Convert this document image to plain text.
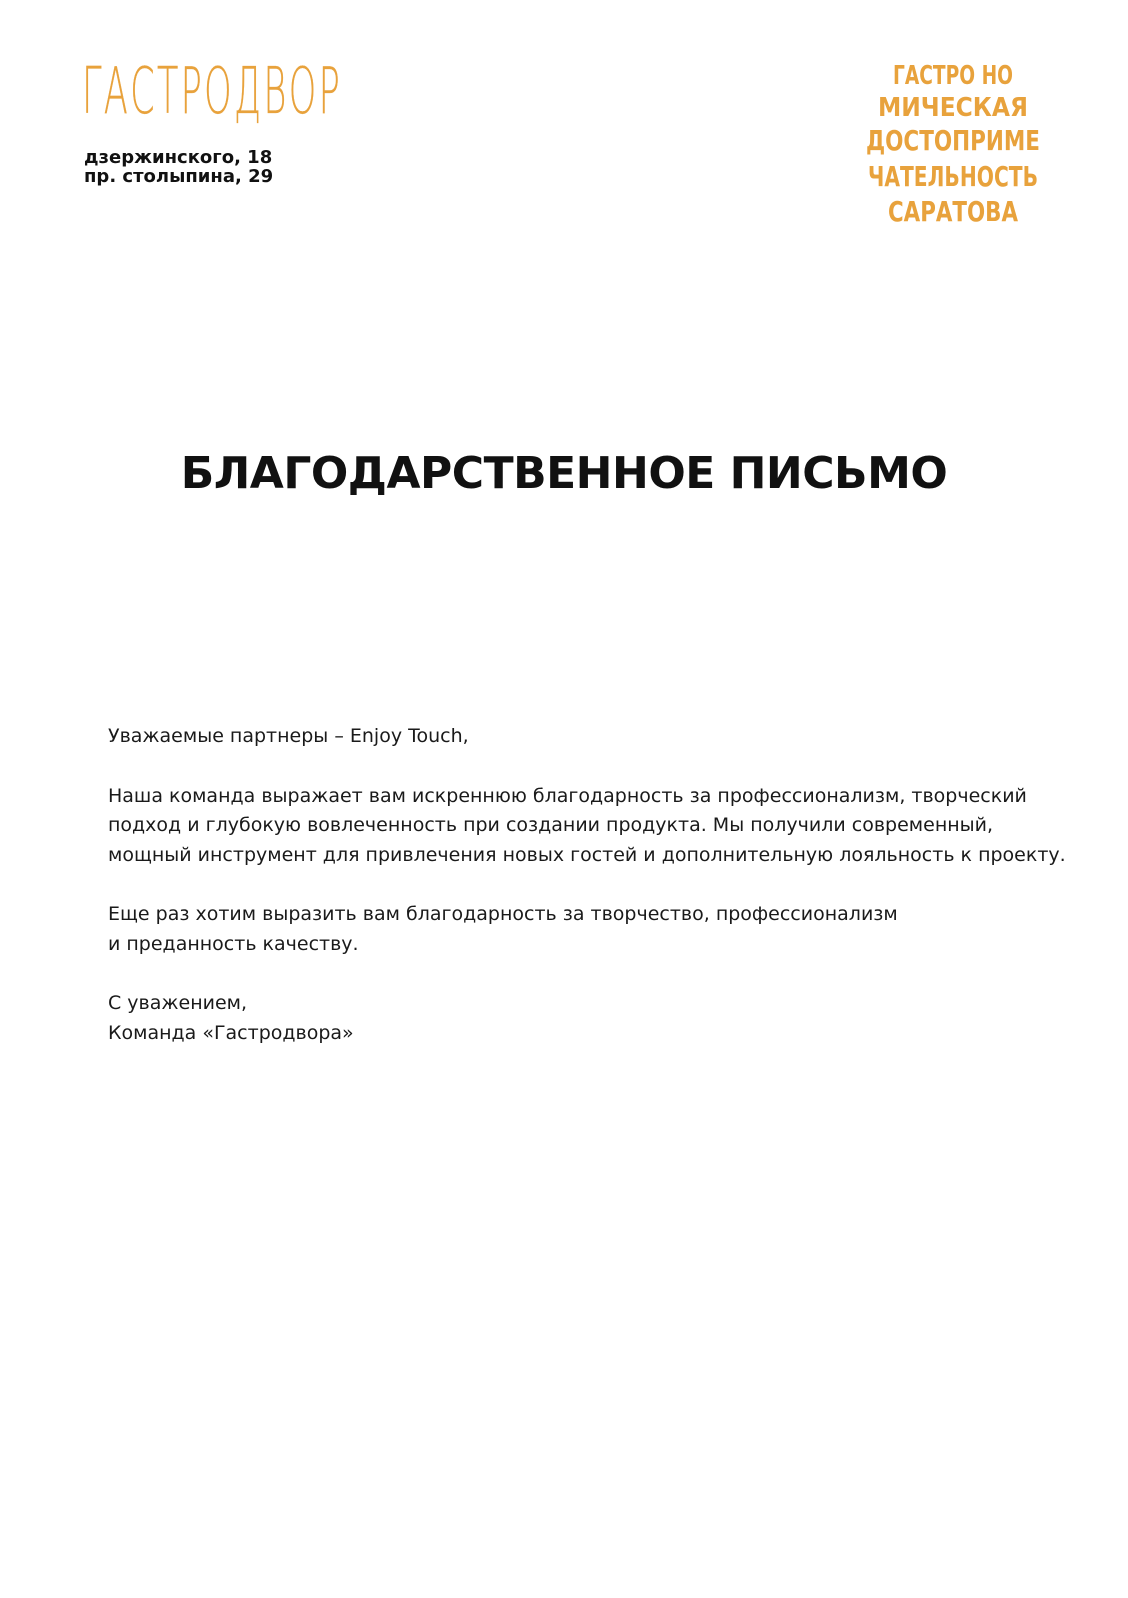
ГАСТРОДВОР
дзержинского, 18
пр. столыпина, 29
ГАСТРО НО
МИЧЕСКАЯ
ДОСТОПРИМЕ
ЧАТЕЛЬНОСТЬ
САРАТОВА
БЛАГОДАРСТВЕННОЕ ПИСЬМО

Уважаемые партнеры – Enjoy Touch,

Наша команда выражает вам искреннюю благодарность за профессионализм, творческий
подход и глубокую вовлеченность при создании продукта. Мы получили современный,
мощный инструмент для привлечения новых гостей и дополнительную лояльность к проекту.
Еще раз хотим выразить вам благодарность за творчество, профессионализм
и преданность качеству.

С уважением,

Команда «Гастродвора»
